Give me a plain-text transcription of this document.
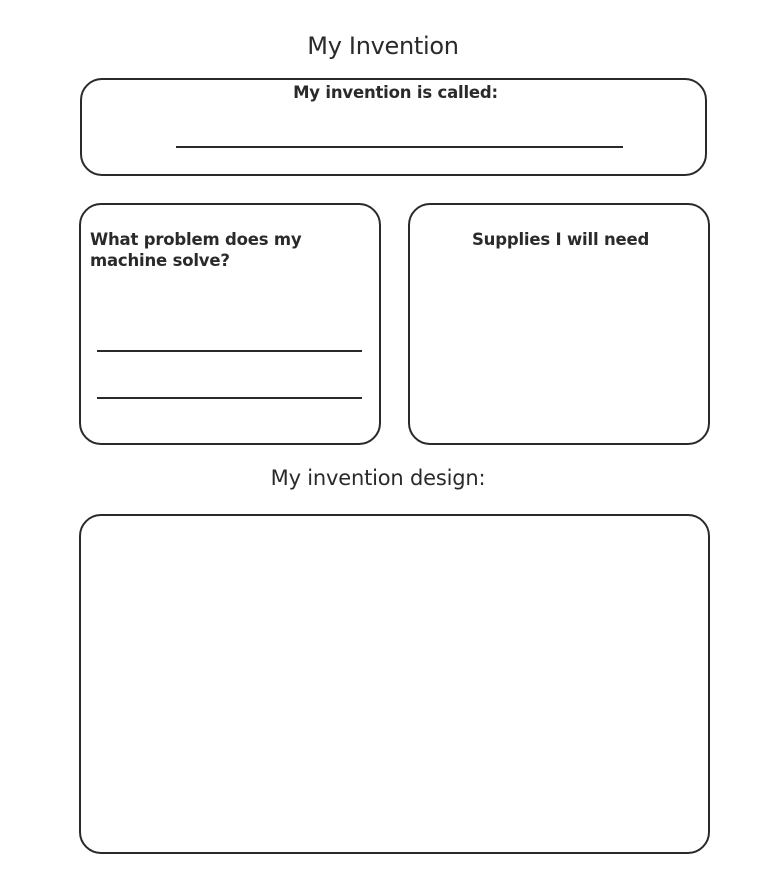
My Invention
My invention is called:
What problem does my machine solve?
Supplies I will need
My invention design:
